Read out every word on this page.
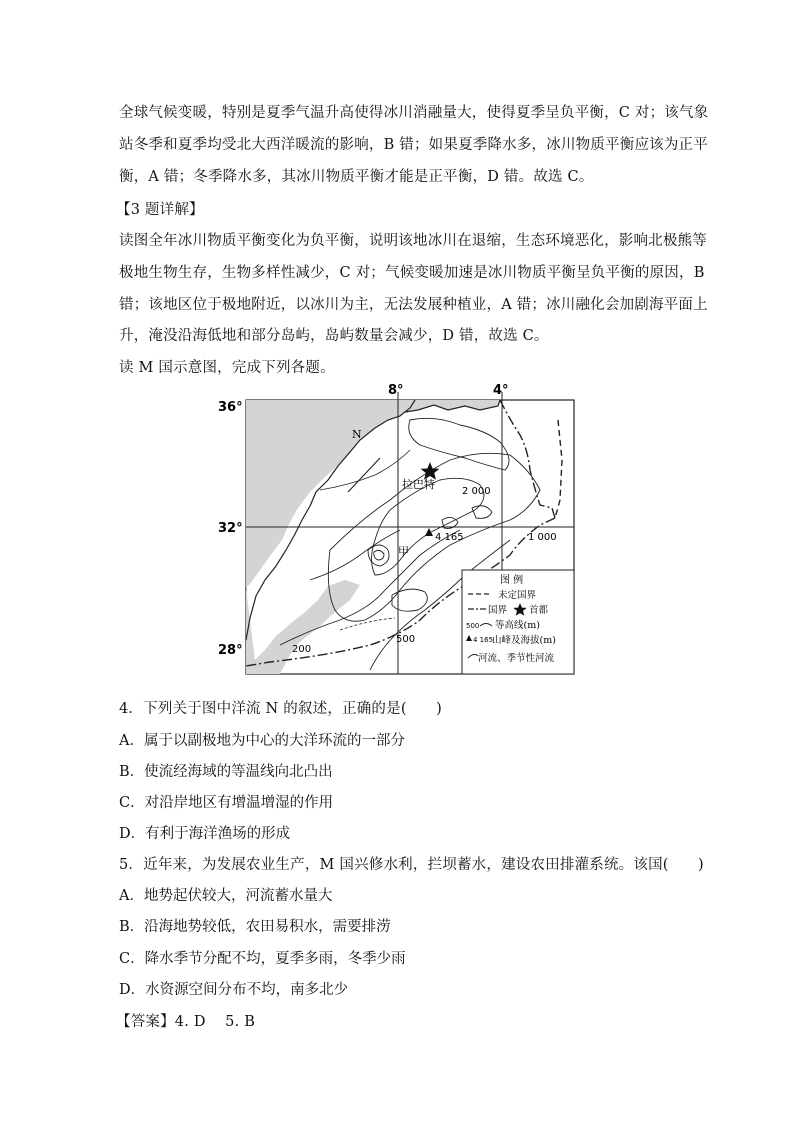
全球气候变暖，特别是夏季气温升高使得冰川消融量大，使得夏季呈负平衡，C 对；该气象
站冬季和夏季均受北大西洋暖流的影响，B 错；如果夏季降水多，冰川物质平衡应该为正平
衡，A 错；冬季降水多，其冰川物质平衡才能是正平衡，D 错。故选 C。
【3 题详解】
读图全年冰川物质平衡变化为负平衡，说明该地冰川在退缩，生态环境恶化，影响北极熊等
极地生物生存，生物多样性减少，C 对；气候变暖加速是冰川物质平衡呈负平衡的原因，B
错；该地区位于极地附近，以冰川为主，无法发展种植业，A 错；冰川融化会加剧海平面上
升，淹没沿海低地和部分岛屿，岛屿数量会减少，D 错，故选 C。
读 M 国示意图，完成下列各题。
8°	4°
36°
32°
28°
N
拉巴特
甲
4 165
2 000
1 000
500
200
图 例
未定国界
国界 首都
500 等高线(m)
4 165
山峰及海拔(m)
河流、季节性河流
4．下列关于图中洋流 N 的叙述，正确的是(　　)
A．属于以副极地为中心的大洋环流的一部分
B．使流经海域的等温线向北凸出
C．对沿岸地区有增温增湿的作用
D．有利于海洋渔场的形成
5．近年来，为发展农业生产，M 国兴修水利，拦坝蓄水，建设农田排灌系统。该国(　　)
A．地势起伏较大，河流蓄水量大
B．沿海地势较低，农田易积水，需要排涝
C．降水季节分配不均，夏季多雨，冬季少雨
D．水资源空间分布不均，南多北少
【答案】4. D　 5. B
